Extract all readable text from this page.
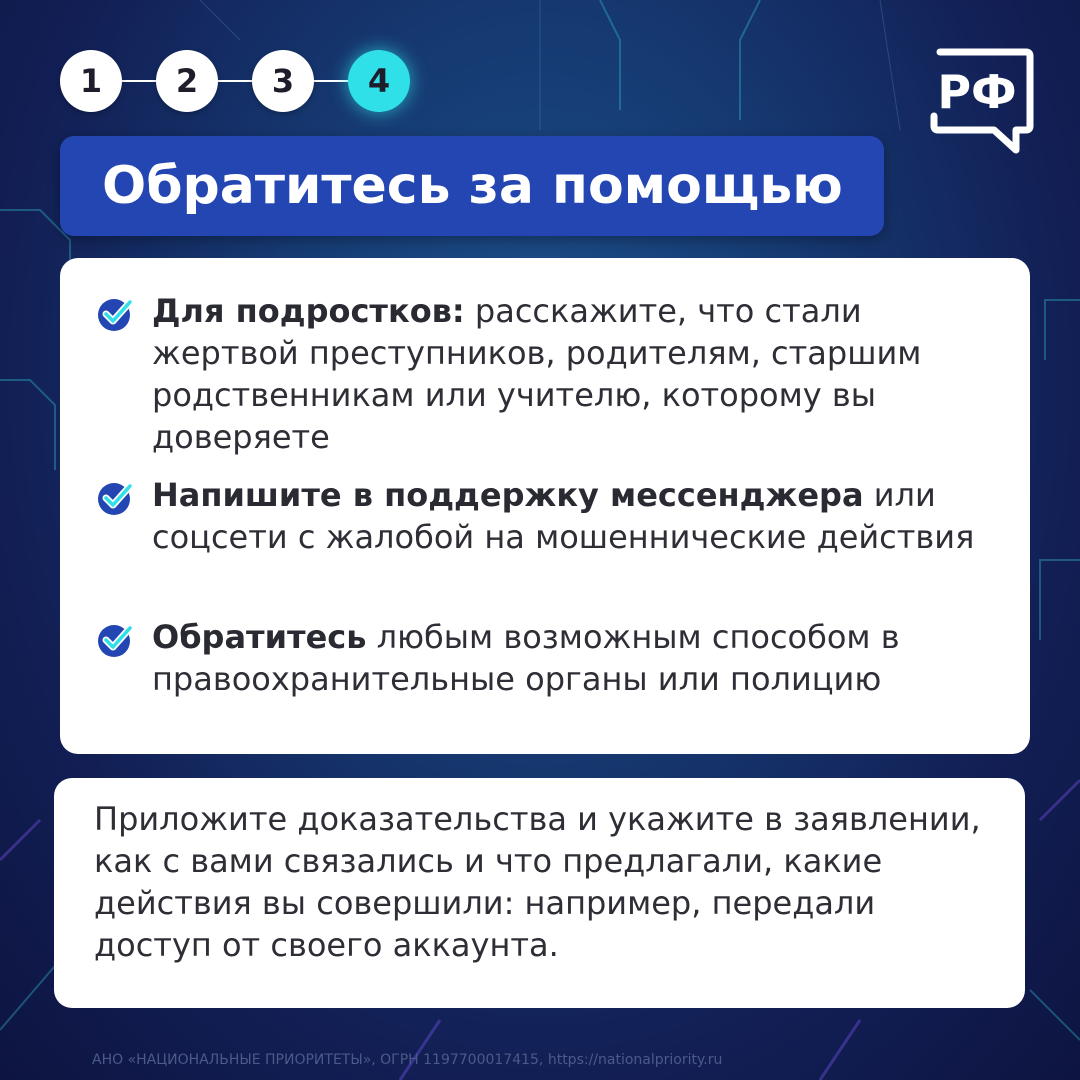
1	2	3	4	РФ
Обратитесь за помощью

Для подростков: расскажите, что стали жертвой преступников, родителям, старшим родственникам или учителю, которому вы доверяете

Напишите в поддержку мессенджера или соцсети с жалобой на мошеннические действия

Обратитесь любым возможным способом в правоохранительные органы или полицию

Приложите доказательства и укажите в заявлении, как с вами связались и что предлагали, какие действия вы совершили: например, передали доступ от своего аккаунта.

АНО «НАЦИОНАЛЬНЫЕ ПРИОРИТЕТЫ», ОГРН 1197700017415, https://nationalpriority.ru
